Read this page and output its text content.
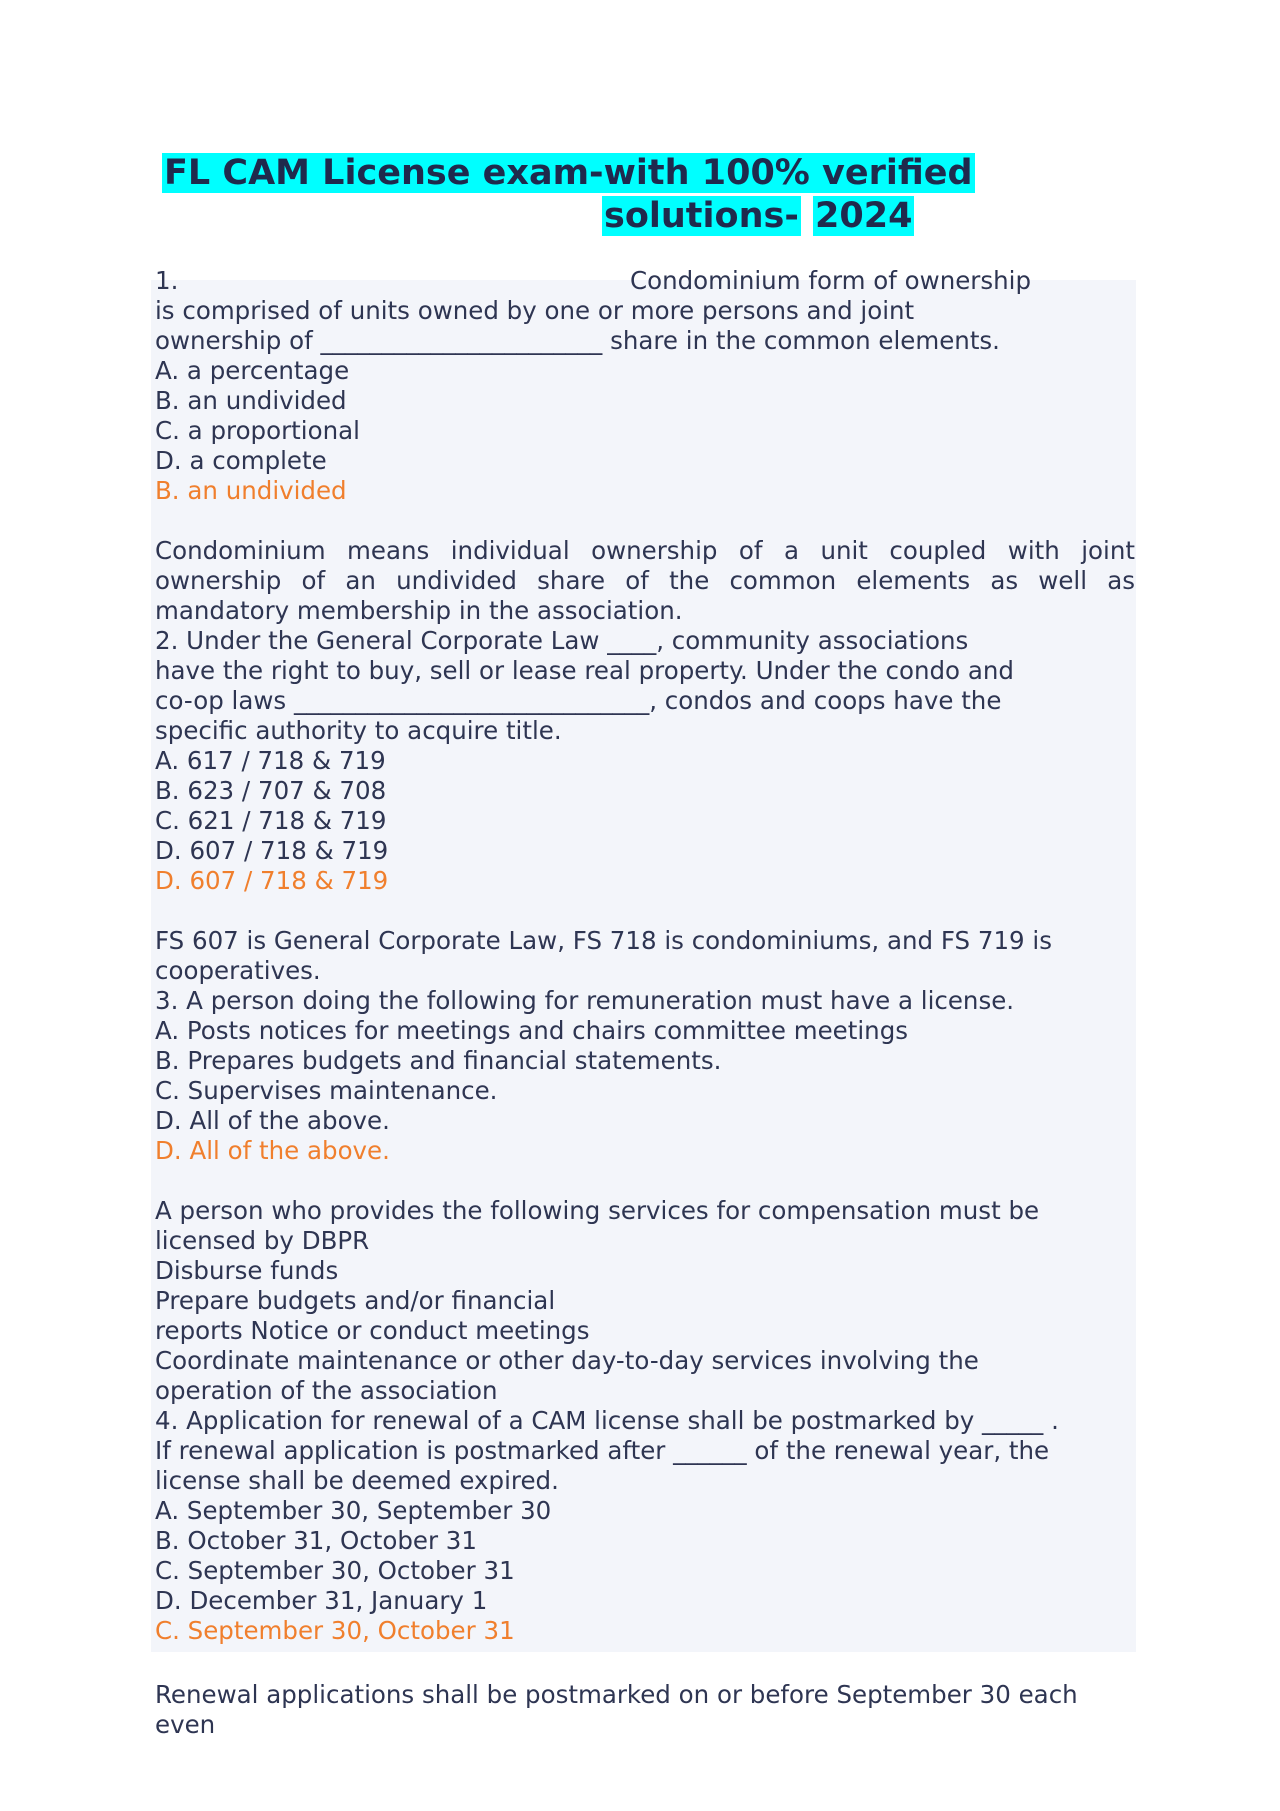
FL CAM License exam-with 100% verified
solutions- 2024
1.	Condominium form of ownership
is comprised of units owned by one or more persons and joint
ownership of _______________________ share in the common elements.
A. a percentage
B. an undivided
C. a proportional
D. a complete
B. an undivided
Condominium means individual ownership of a unit coupled with joint ownership of an undivided share of the common elements as well as mandatory membership in the association.
2. Under the General Corporate Law ____, community associations
have the right to buy, sell or lease real property. Under the condo and
co-op laws _____________________________, condos and coops have the
specific authority to acquire title.
A. 617 / 718 & 719
B. 623 / 707 & 708
C. 621 / 718 & 719
D. 607 / 718 & 719
D. 607 / 718 & 719
FS 607 is General Corporate Law, FS 718 is condominiums, and FS 719 is cooperatives.
3. A person doing the following for remuneration must have a license.
A. Posts notices for meetings and chairs committee meetings
B. Prepares budgets and financial statements.
C. Supervises maintenance.
D. All of the above.
D. All of the above.
A person who provides the following services for compensation must be
licensed by DBPR
Disburse funds
Prepare budgets and/or financial
reports Notice or conduct meetings
Coordinate maintenance or other day-to-day services involving the
operation of the association
4. Application for renewal of a CAM license shall be postmarked by _____ .
If renewal application is postmarked after ______ of the renewal year, the
license shall be deemed expired.
A. September 30, September 30
B. October 31, October 31
C. September 30, October 31
D. December 31, January 1
C. September 30, October 31
Renewal applications shall be postmarked on or before September 30 each
even
